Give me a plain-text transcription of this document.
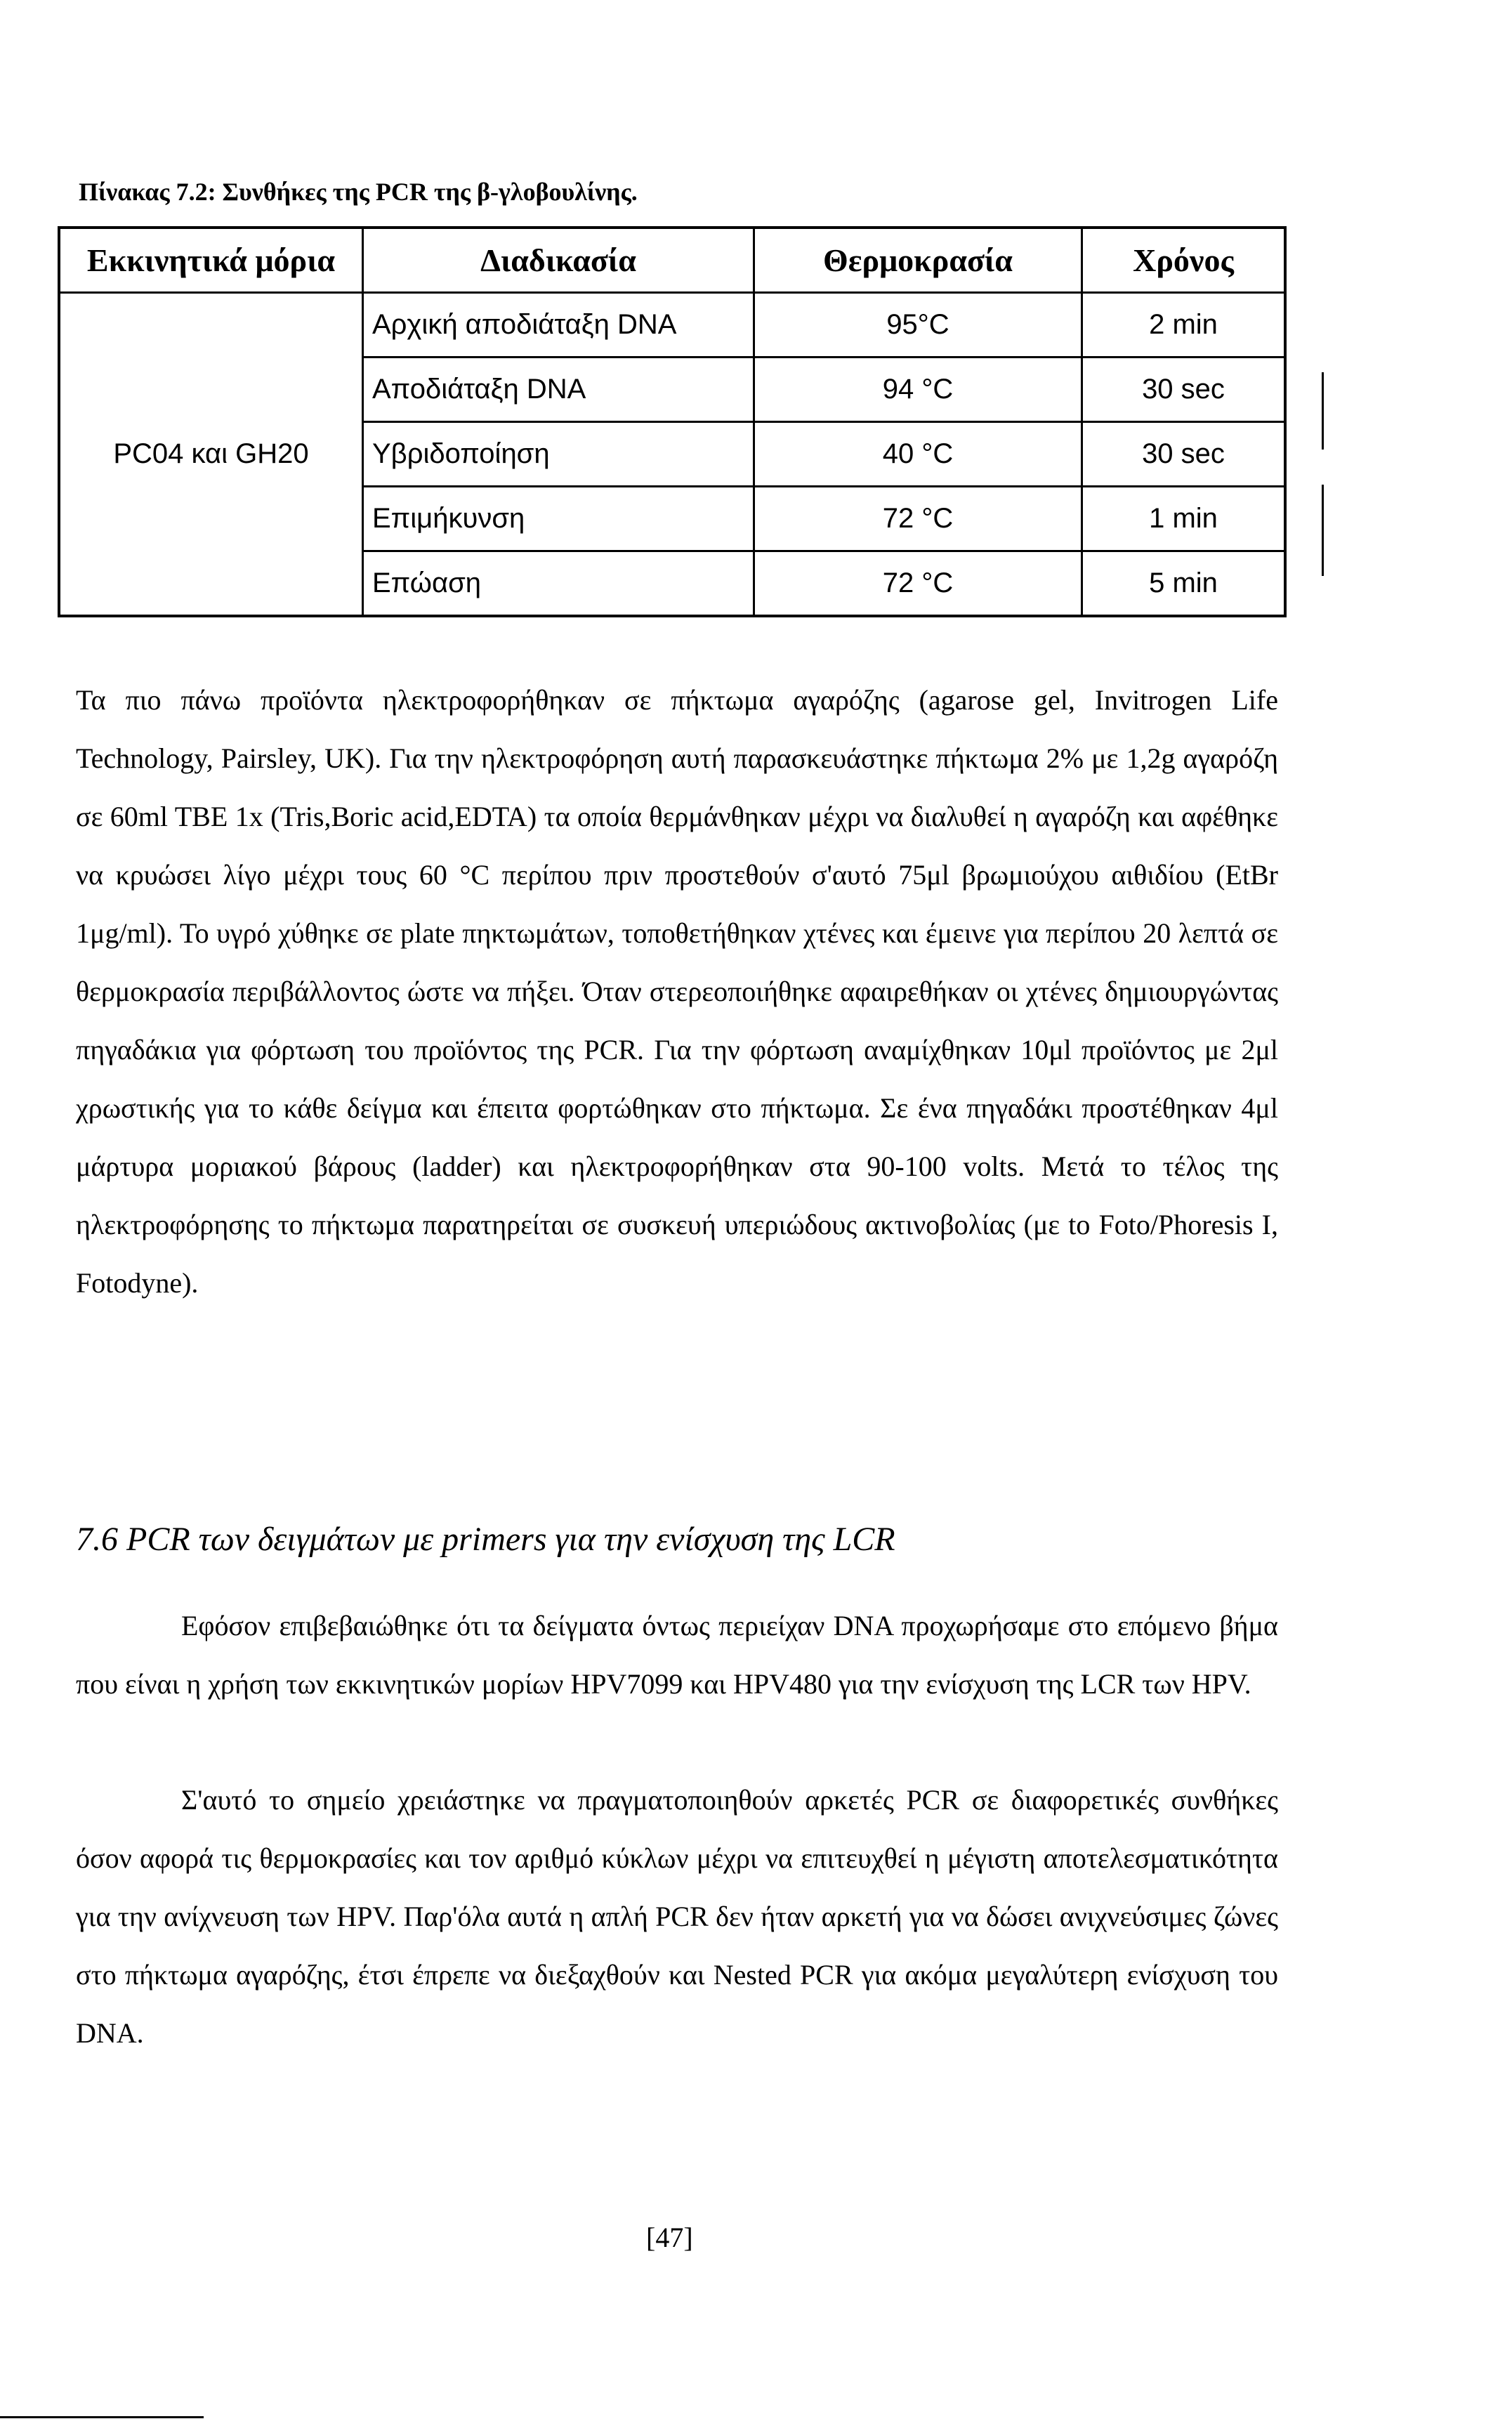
Πίνακας 7.2: Συνθήκες της PCR της β-γλοβουλίνης.
Εκκινητικά μόρια	Διαδικασία	Θερμοκρασία	Χρόνος
PC04 και GH20	Αρχική αποδιάταξη DNA	95°C	2 min
	Αποδιάταξη DNA	94 °C	30 sec
	Υβριδοποίηση	40 °C	30 sec
	Επιμήκυνση	72 °C	1 min
	Επώαση	72 °C	5 min

Τα πιο πάνω προϊόντα ηλεκτροφορήθηκαν σε πήκτωμα αγαρόζης (agarose gel, Invitrogen Life Technology, Pairsley, UK). Για την ηλεκτροφόρηση αυτή παρασκευάστηκε πήκτωμα 2% με 1,2g αγαρόζη σε 60ml TBE 1x (Tris,Boric acid,EDTA) τα οποία θερμάνθηκαν μέχρι να διαλυθεί η αγαρόζη και αφέθηκε να κρυώσει λίγο μέχρι τους 60 °C περίπου πριν προστεθούν σ'αυτό 75μl βρωμιούχου αιθιδίου (EtBr 1μg/ml). Το υγρό χύθηκε σε plate πηκτωμάτων, τοποθετήθηκαν χτένες και έμεινε για περίπου 20 λεπτά σε θερμοκρασία περιβάλλοντος ώστε να πήξει. Όταν στερεοποιήθηκε αφαιρεθήκαν οι χτένες δημιουργώντας πηγαδάκια για φόρτωση του προϊόντος της PCR. Για την φόρτωση αναμίχθηκαν 10μl προϊόντος με 2μl χρωστικής για το κάθε δείγμα και έπειτα φορτώθηκαν στο πήκτωμα. Σε ένα πηγαδάκι προστέθηκαν 4μl μάρτυρα μοριακού βάρους (ladder) και ηλεκτροφορήθηκαν στα 90-100 volts. Μετά το τέλος της ηλεκτροφόρησης το πήκτωμα παρατηρείται σε συσκευή υπεριώδους ακτινοβολίας (με to Foto/Phoresis I, Fotodyne).

7.6 PCR των δειγμάτων με primers για την ενίσχυση της LCR

Εφόσον επιβεβαιώθηκε ότι τα δείγματα όντως περιείχαν DNA προχωρήσαμε στο επόμενο βήμα που είναι η χρήση των εκκινητικών μορίων HPV7099 και HPV480 για την ενίσχυση της LCR των HPV.

Σ'αυτό το σημείο χρειάστηκε να πραγματοποιηθούν αρκετές PCR σε διαφορετικές συνθήκες όσον αφορά τις θερμοκρασίες και τον αριθμό κύκλων μέχρι να επιτευχθεί η μέγιστη αποτελεσματικότητα για την ανίχνευση των HPV. Παρ'όλα αυτά η απλή PCR δεν ήταν αρκετή για να δώσει ανιχνεύσιμες ζώνες στο πήκτωμα αγαρόζης, έτσι έπρεπε να διεξαχθούν και Nested PCR για ακόμα μεγαλύτερη ενίσχυση του DNA.

[47]
